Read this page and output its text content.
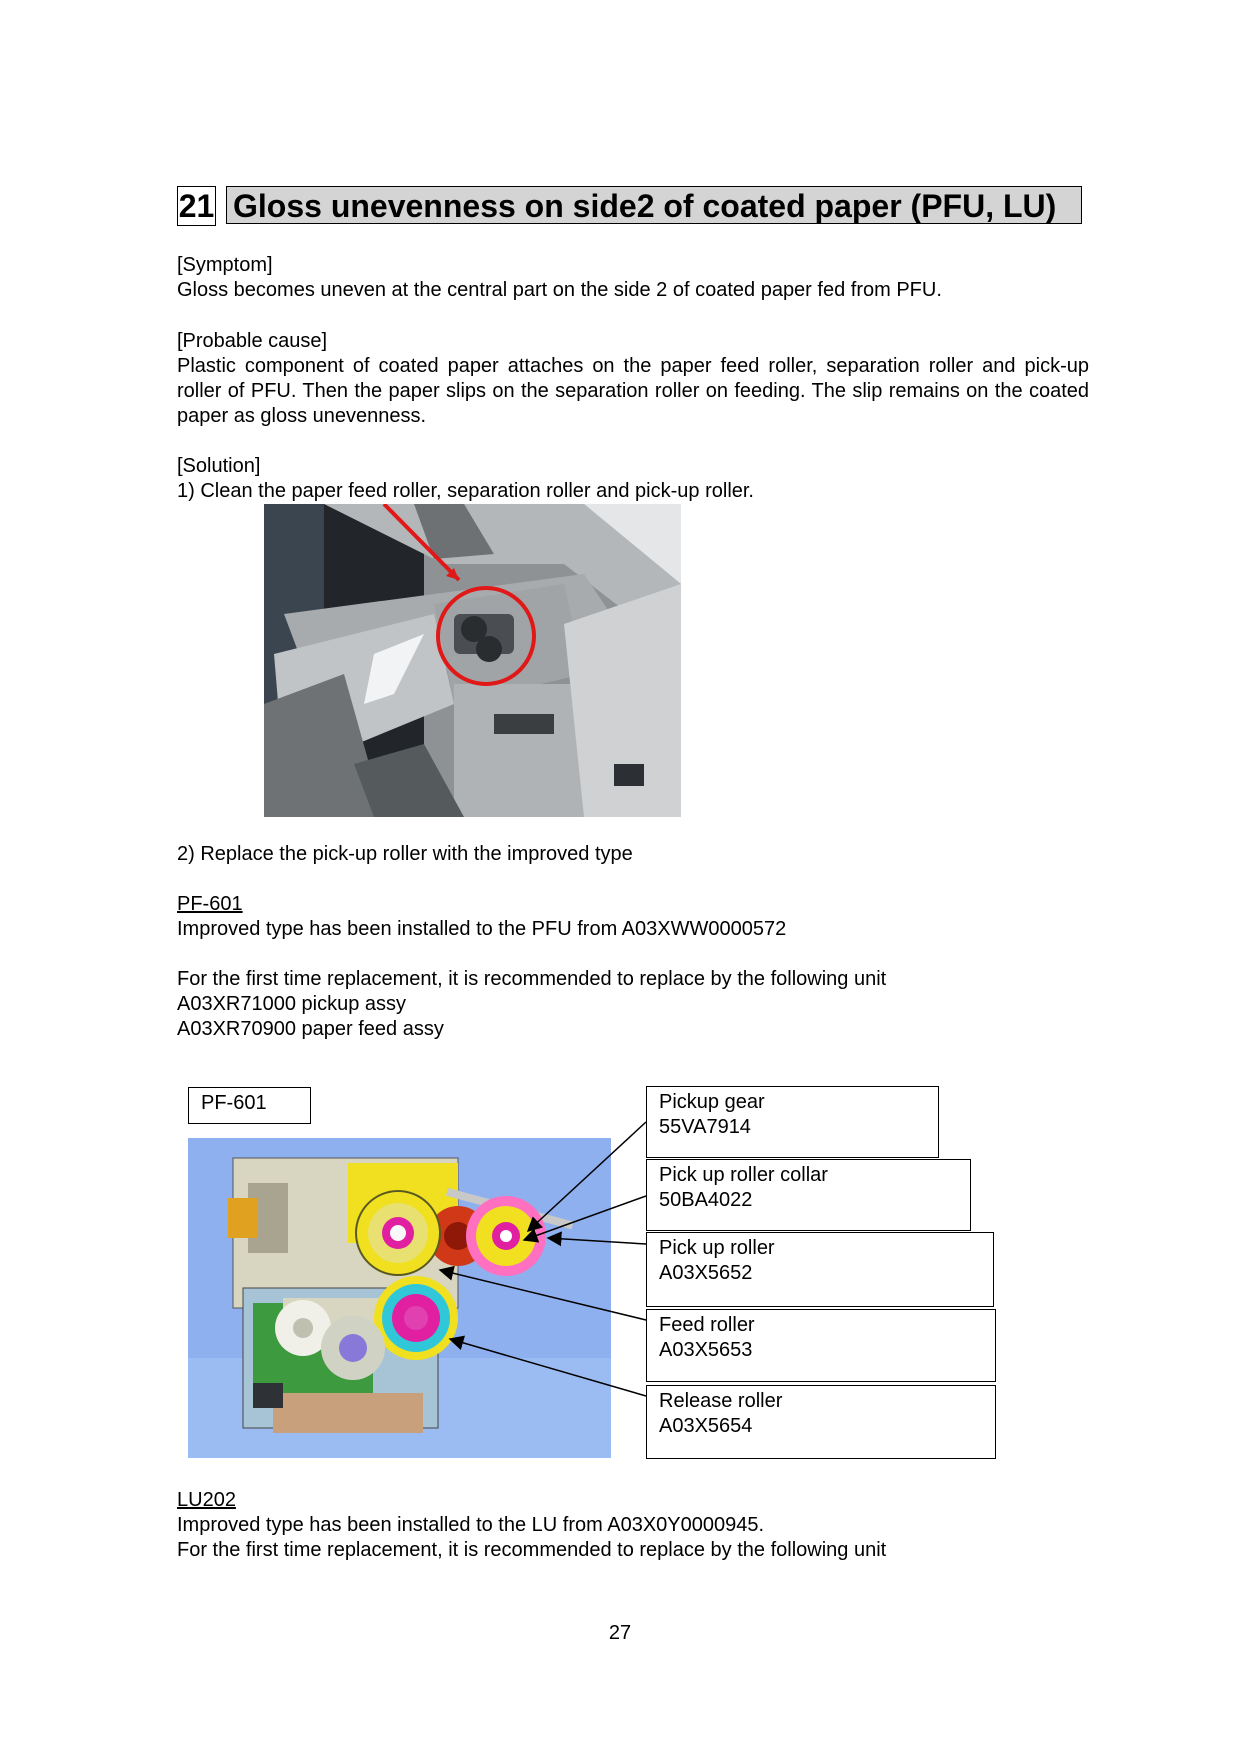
21 Gloss unevenness on side2 of coated paper (PFU, LU)
[Symptom]
Gloss becomes uneven at the central part on the side 2 of coated paper fed from PFU.
[Probable cause]
Plastic component of coated paper attaches on the paper feed roller, separation roller and pick-up roller of PFU. Then the paper slips on the separation roller on feeding. The slip remains on the coated paper as gloss unevenness.
[Solution]
1) Clean the paper feed roller, separation roller and pick-up roller.
2) Replace the pick-up roller with the improved type
PF-601
Improved type has been installed to the PFU from A03XWW0000572
For the first time replacement, it is recommended to replace by the following unit
A03XR71000 pickup assy
A03XR70900 paper feed assy
PF-601	Pickup gear
55VA7914
Pick up roller collar
50BA4022
Pick up roller
A03X5652
Feed roller
A03X5653
Release roller
A03X5654
LU202
Improved type has been installed to the LU from A03X0Y0000945.
For the first time replacement, it is recommended to replace by the following unit
27
